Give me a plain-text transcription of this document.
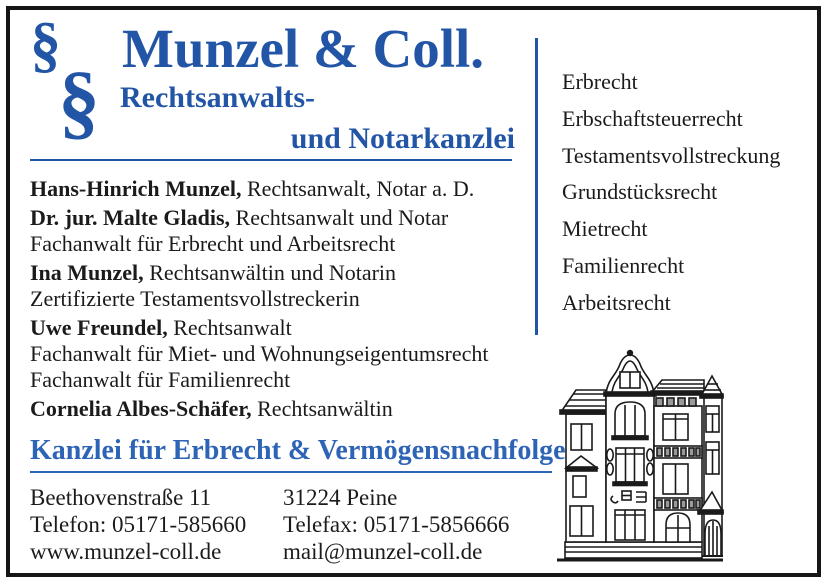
§
§
Munzel & Coll.
Rechtsanwalts-
und Notarkanzlei

Hans-Hinrich Munzel, Rechtsanwalt, Notar a. D.

Dr. jur. Malte Gladis, Rechtsanwalt und Notar

Fachanwalt für Erbrecht und Arbeitsrecht

Ina Munzel, Rechtsanwältin und Notarin

Zertifizierte Testamentsvollstreckerin

Uwe Freundel, Rechtsanwalt

Fachanwalt für Miet- und Wohnungseigentumsrecht

Fachanwalt für Familienrecht

Cornelia Albes-Schäfer, Rechtsanwältin

Kanzlei für Erbrecht & Vermögensnachfolge

Beethovenstraße 11

Telefon: 05171-585660

www.munzel-coll.de

31224 Peine

Telefax: 05171-5856666

mail@munzel-coll.de

Erbrecht
Erbschaftsteuerrecht
Testamentsvollstreckung
Grundstücksrecht
Mietrecht
Familienrecht
Arbeitsrecht
